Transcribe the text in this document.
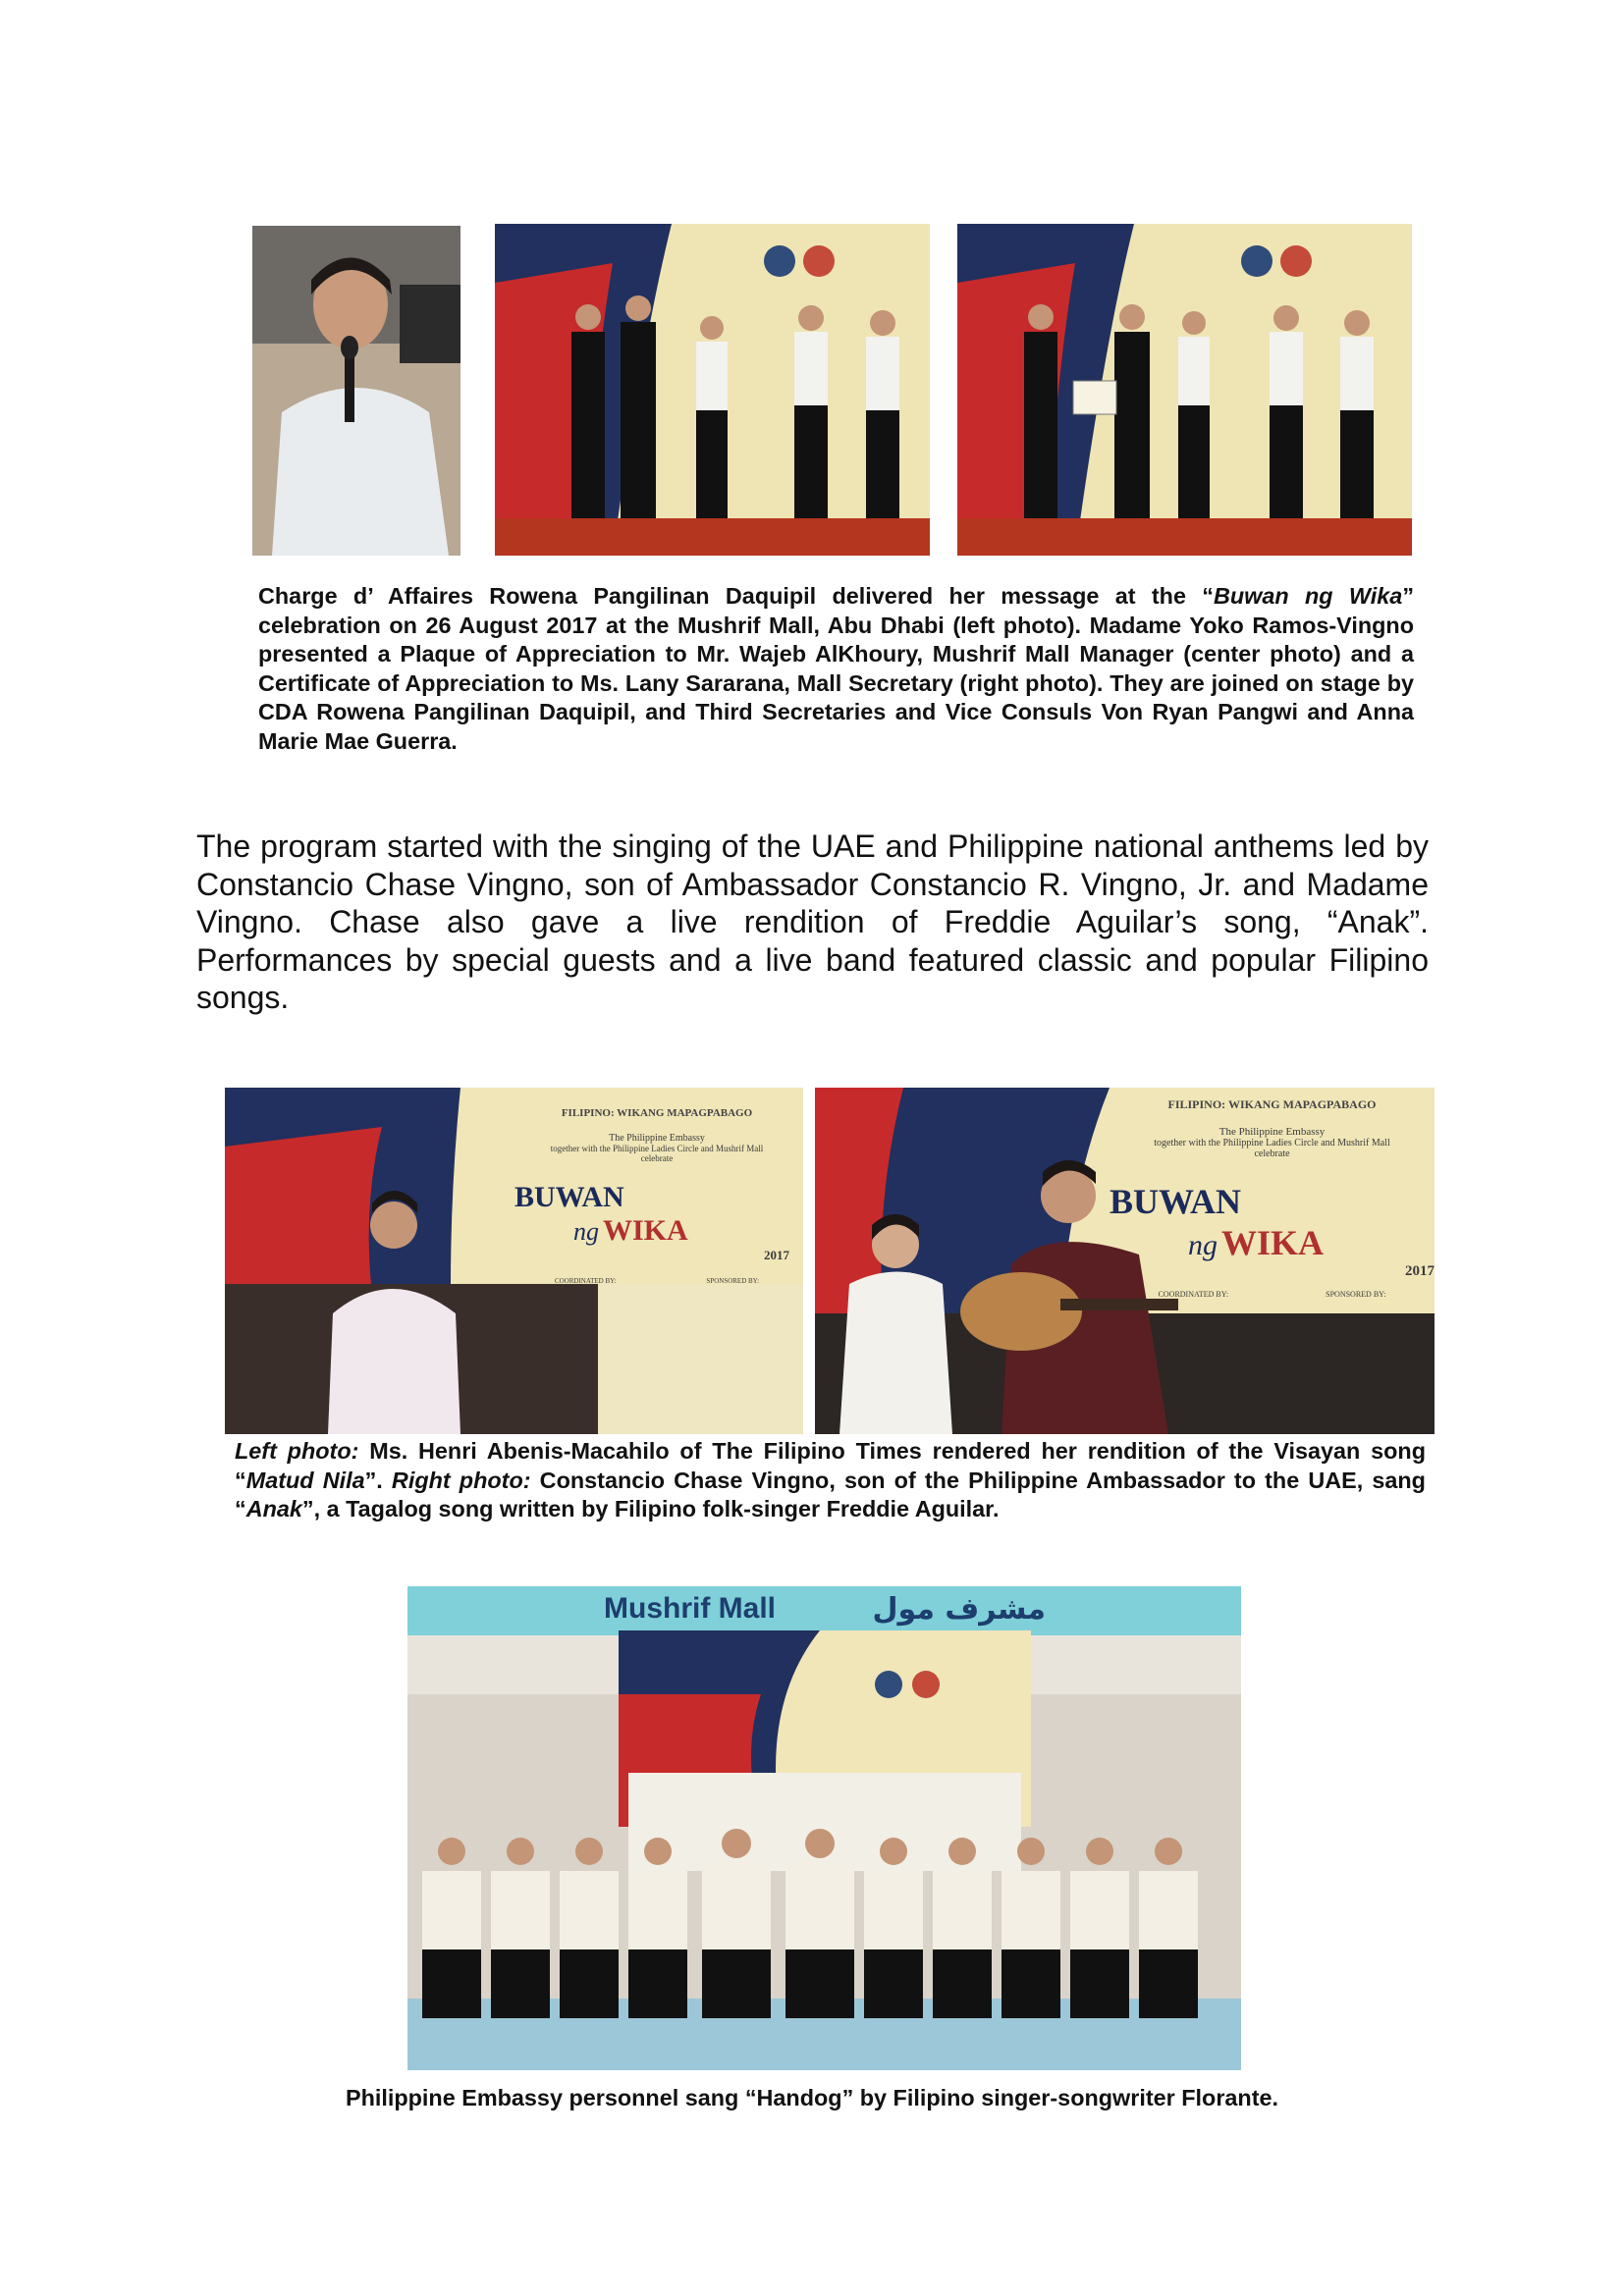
Charge d’ Affaires Rowena Pangilinan Daquipil delivered her message at the “Buwan ng Wika” celebration on 26 August 2017 at the Mushrif Mall, Abu Dhabi (left photo). Madame Yoko Ramos-Vingno presented a Plaque of Appreciation to Mr. Wajeb AlKhoury, Mushrif Mall Manager (center photo) and a Certificate of Appreciation to Ms. Lany Sararana, Mall Secretary (right photo). They are joined on stage by CDA Rowena Pangilinan Daquipil, and Third Secretaries and Vice Consuls Von Ryan Pangwi and Anna Marie Mae Guerra.
The program started with the singing of the UAE and Philippine national anthems led by Constancio Chase Vingno, son of Ambassador Constancio R. Vingno, Jr. and Madame Vingno. Chase also gave a live rendition of Freddie Aguilar’s song, “Anak”. Performances by special guests and a live band featured classic and popular Filipino songs.
FILIPINO: WIKANG MAPAGPABAGO
The Philippine Embassy
together with the Philippine Ladies Circle and Mushrif Mall
celebrate
BUWAN
ng WIKA
2017
COORDINATED BY:	SPONSORED BY:
FILIPINO: WIKANG MAPAGPABAGO
The Philippine Embassy
together with the Philippine Ladies Circle and Mushrif Mall
celebrate
BUWAN
ng WIKA
2017
COORDINATED BY:	SPONSORED BY:
Left photo: Ms. Henri Abenis-Macahilo of The Filipino Times rendered her rendition of the Visayan song “Matud Nila”. Right photo: Constancio Chase Vingno, son of the Philippine Ambassador to the UAE, sang “Anak”, a Tagalog song written by Filipino folk-singer Freddie Aguilar.
Mushrif Mall	مشرف مول
Philippine Embassy personnel sang “Handog” by Filipino singer-songwriter Florante.
